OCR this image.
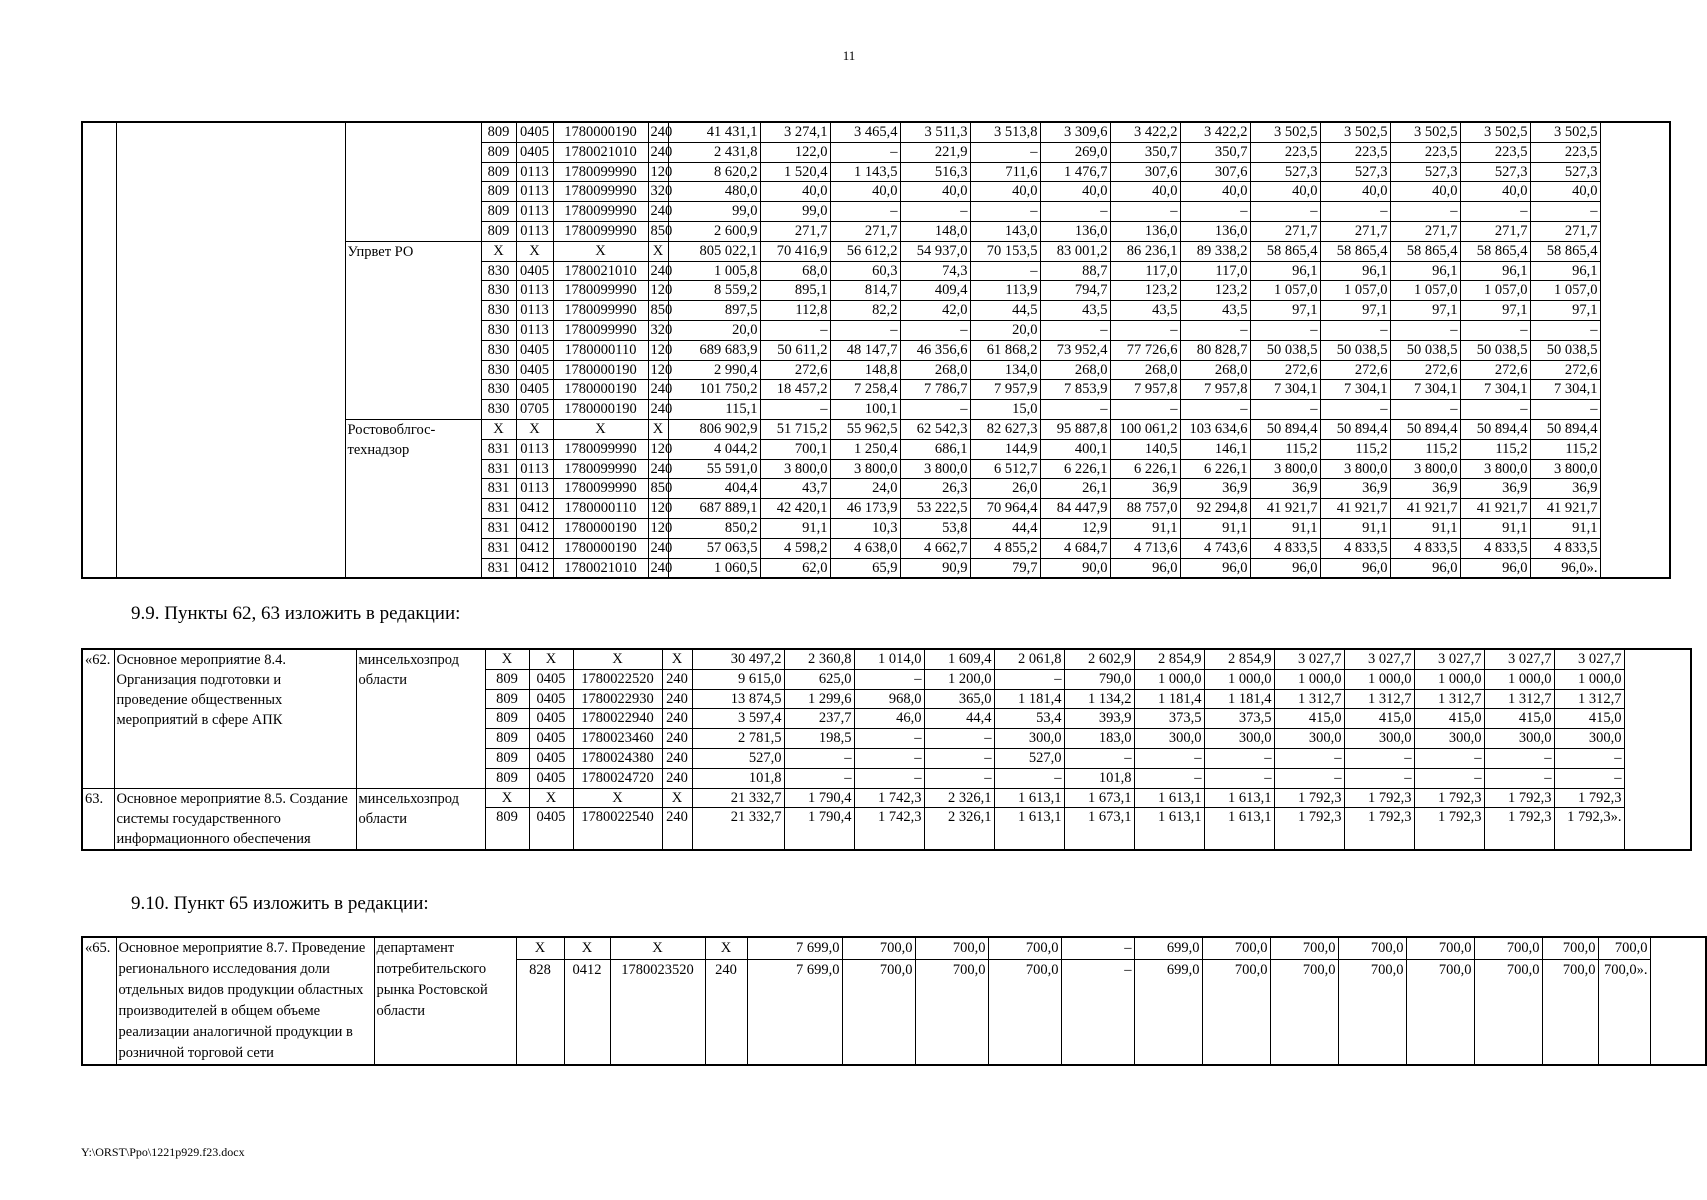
11
			809	0405	1780000190	240	41 431,1	3 274,1	3 465,4	3 511,3	3 513,8	3 309,6	3 422,2	3 422,2	3 502,5	3 502,5	3 502,5	3 502,5	3 502,5
			809	0405	1780021010	240	2 431,8	122,0	–	221,9	–	269,0	350,7	350,7	223,5	223,5	223,5	223,5	223,5
			809	0113	1780099990	120	8 620,2	1 520,4	1 143,5	516,3	711,6	1 476,7	307,6	307,6	527,3	527,3	527,3	527,3	527,3
			809	0113	1780099990	320	480,0	40,0	40,0	40,0	40,0	40,0	40,0	40,0	40,0	40,0	40,0	40,0	40,0
			809	0113	1780099990	240	99,0	99,0	–	–	–	–	–	–	–	–	–	–	–
			809	0113	1780099990	850	2 600,9	271,7	271,7	148,0	143,0	136,0	136,0	136,0	271,7	271,7	271,7	271,7	271,7
		Упрвет РО	X	X	X	X	805 022,1	70 416,9	56 612,2	54 937,0	70 153,5	83 001,2	86 236,1	89 338,2	58 865,4	58 865,4	58 865,4	58 865,4	58 865,4
			830	0405	1780021010	240	1 005,8	68,0	60,3	74,3	–	88,7	117,0	117,0	96,1	96,1	96,1	96,1	96,1
			830	0113	1780099990	120	8 559,2	895,1	814,7	409,4	113,9	794,7	123,2	123,2	1 057,0	1 057,0	1 057,0	1 057,0	1 057,0
			830	0113	1780099990	850	897,5	112,8	82,2	42,0	44,5	43,5	43,5	43,5	97,1	97,1	97,1	97,1	97,1
			830	0113	1780099990	320	20,0	–	–	–	20,0	–	–	–	–	–	–	–	–
			830	0405	1780000110	120	689 683,9	50 611,2	48 147,7	46 356,6	61 868,2	73 952,4	77 726,6	80 828,7	50 038,5	50 038,5	50 038,5	50 038,5	50 038,5
			830	0405	1780000190	120	2 990,4	272,6	148,8	268,0	134,0	268,0	268,0	268,0	272,6	272,6	272,6	272,6	272,6
			830	0405	1780000190	240	101 750,2	18 457,2	7 258,4	7 786,7	7 957,9	7 853,9	7 957,8	7 957,8	7 304,1	7 304,1	7 304,1	7 304,1	7 304,1
			830	0705	1780000190	240	115,1	–	100,1	–	15,0	–	–	–	–	–	–	–	–
		Ростовоблгос-технадзор	X	X	X	X	806 902,9	51 715,2	55 962,5	62 542,3	82 627,3	95 887,8	100 061,2	103 634,6	50 894,4	50 894,4	50 894,4	50 894,4	50 894,4
			831	0113	1780099990	120	4 044,2	700,1	1 250,4	686,1	144,9	400,1	140,5	146,1	115,2	115,2	115,2	115,2	115,2
			831	0113	1780099990	240	55 591,0	3 800,0	3 800,0	3 800,0	6 512,7	6 226,1	6 226,1	6 226,1	3 800,0	3 800,0	3 800,0	3 800,0	3 800,0
			831	0113	1780099990	850	404,4	43,7	24,0	26,3	26,0	26,1	36,9	36,9	36,9	36,9	36,9	36,9	36,9
			831	0412	1780000110	120	687 889,1	42 420,1	46 173,9	53 222,5	70 964,4	84 447,9	88 757,0	92 294,8	41 921,7	41 921,7	41 921,7	41 921,7	41 921,7
			831	0412	1780000190	120	850,2	91,1	10,3	53,8	44,4	12,9	91,1	91,1	91,1	91,1	91,1	91,1	91,1
			831	0412	1780000190	240	57 063,5	4 598,2	4 638,0	4 662,7	4 855,2	4 684,7	4 713,6	4 743,6	4 833,5	4 833,5	4 833,5	4 833,5	4 833,5
			831	0412	1780021010	240	1 060,5	62,0	65,9	90,9	79,7	90,0	96,0	96,0	96,0	96,0	96,0	96,0	96,0».
9.9. Пункты 62, 63 изложить в редакции:
«62.	Основное мероприятие 8.4. Организация подготовки и проведение общественных мероприятий в сфере АПК	минсельхозпрод области	X	X	X	X	30 497,2	2 360,8	1 014,0	1 609,4	2 061,8	2 602,9	2 854,9	2 854,9	3 027,7	3 027,7	3 027,7	3 027,7	3 027,7
			809	0405	1780022520	240	9 615,0	625,0	–	1 200,0	–	790,0	1 000,0	1 000,0	1 000,0	1 000,0	1 000,0	1 000,0	1 000,0
			809	0405	1780022930	240	13 874,5	1 299,6	968,0	365,0	1 181,4	1 134,2	1 181,4	1 181,4	1 312,7	1 312,7	1 312,7	1 312,7	1 312,7
			809	0405	1780022940	240	3 597,4	237,7	46,0	44,4	53,4	393,9	373,5	373,5	415,0	415,0	415,0	415,0	415,0
			809	0405	1780023460	240	2 781,5	198,5	–	–	300,0	183,0	300,0	300,0	300,0	300,0	300,0	300,0	300,0
			809	0405	1780024380	240	527,0	–	–	–	527,0	–	–	–	–	–	–	–	–
			809	0405	1780024720	240	101,8	–	–	–	–	101,8	–	–	–	–	–	–	–
63.	Основное мероприятие 8.5. Создание системы государственного информационного обеспечения	минсельхозпрод области	X	X	X	X	21 332,7	1 790,4	1 742,3	2 326,1	1 613,1	1 673,1	1 613,1	1 613,1	1 792,3	1 792,3	1 792,3	1 792,3	1 792,3
			809	0405	1780022540	240	21 332,7	1 790,4	1 742,3	2 326,1	1 613,1	1 673,1	1 613,1	1 613,1	1 792,3	1 792,3	1 792,3	1 792,3	1 792,3».

9.10. Пункт 65 изложить в редакции:
«65.	Основное мероприятие 8.7. Проведение регионального исследования доли отдельных видов продукции областных производителей в общем объеме реализации аналогичной продукции в розничной торговой сети	департамент потребительского рынка Ростовской области	X	X	X	X	7 699,0	700,0	700,0	700,0	–	699,0	700,0	700,0	700,0	700,0	700,0	700,0	700,0
			828	0412	1780023520	240	7 699,0	700,0	700,0	700,0	–	699,0	700,0	700,0	700,0	700,0	700,0	700,0	700,0».

Y:\ORST\Ppo\1221p929.f23.docx
